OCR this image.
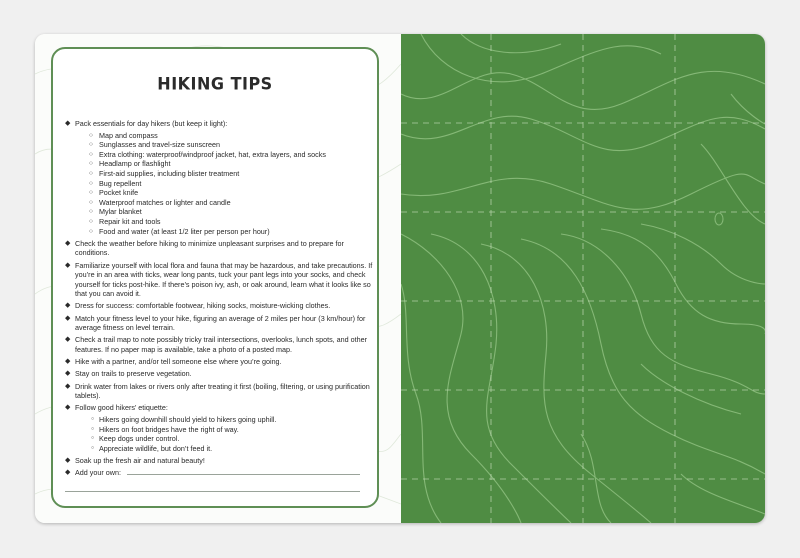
HIKING TIPS
◆ Pack essentials for day hikers (but keep it light):
○ Map and compass
○ Sunglasses and travel-size sunscreen
○ Extra clothing: waterproof/windproof jacket, hat, extra layers, and socks
○ Headlamp or flashlight
○ First-aid supplies, including blister treatment
○ Bug repellent
○ Pocket knife
○ Waterproof matches or lighter and candle
○ Mylar blanket
○ Repair kit and tools
○ Food and water (at least 1/2 liter per person per hour)
◆ Check the weather before hiking to minimize unpleasant surprises and to prepare for conditions.
◆ Familiarize yourself with local flora and fauna that may be hazardous, and take precautions. If you’re in an area with ticks, wear long pants, tuck your pant legs into your socks, and check yourself for ticks post-hike. If there’s poison ivy, ash, or oak around, learn what it looks like so that you can avoid it.
◆ Dress for success: comfortable footwear, hiking socks, moisture-wicking clothes.
◆ Match your fitness level to your hike, figuring an average of 2 miles per hour (3 km/hour) for average fitness on level terrain.
◆ Check a trail map to note possibly tricky trail intersections, overlooks, lunch spots, and other features. If no paper map is available, take a photo of a posted map.
◆ Hike with a partner, and/or tell someone else where you’re going.
◆ Stay on trails to preserve vegetation.
◆ Drink water from lakes or rivers only after treating it first (boiling, filtering, or using purification tablets).
◆ Follow good hikers’ etiquette:
○ Hikers going downhill should yield to hikers going uphill.
○ Hikers on foot bridges have the right of way.
○ Keep dogs under control.
○ Appreciate wildlife, but don’t feed it.
◆ Soak up the fresh air and natural beauty!
◆ Add your own:
